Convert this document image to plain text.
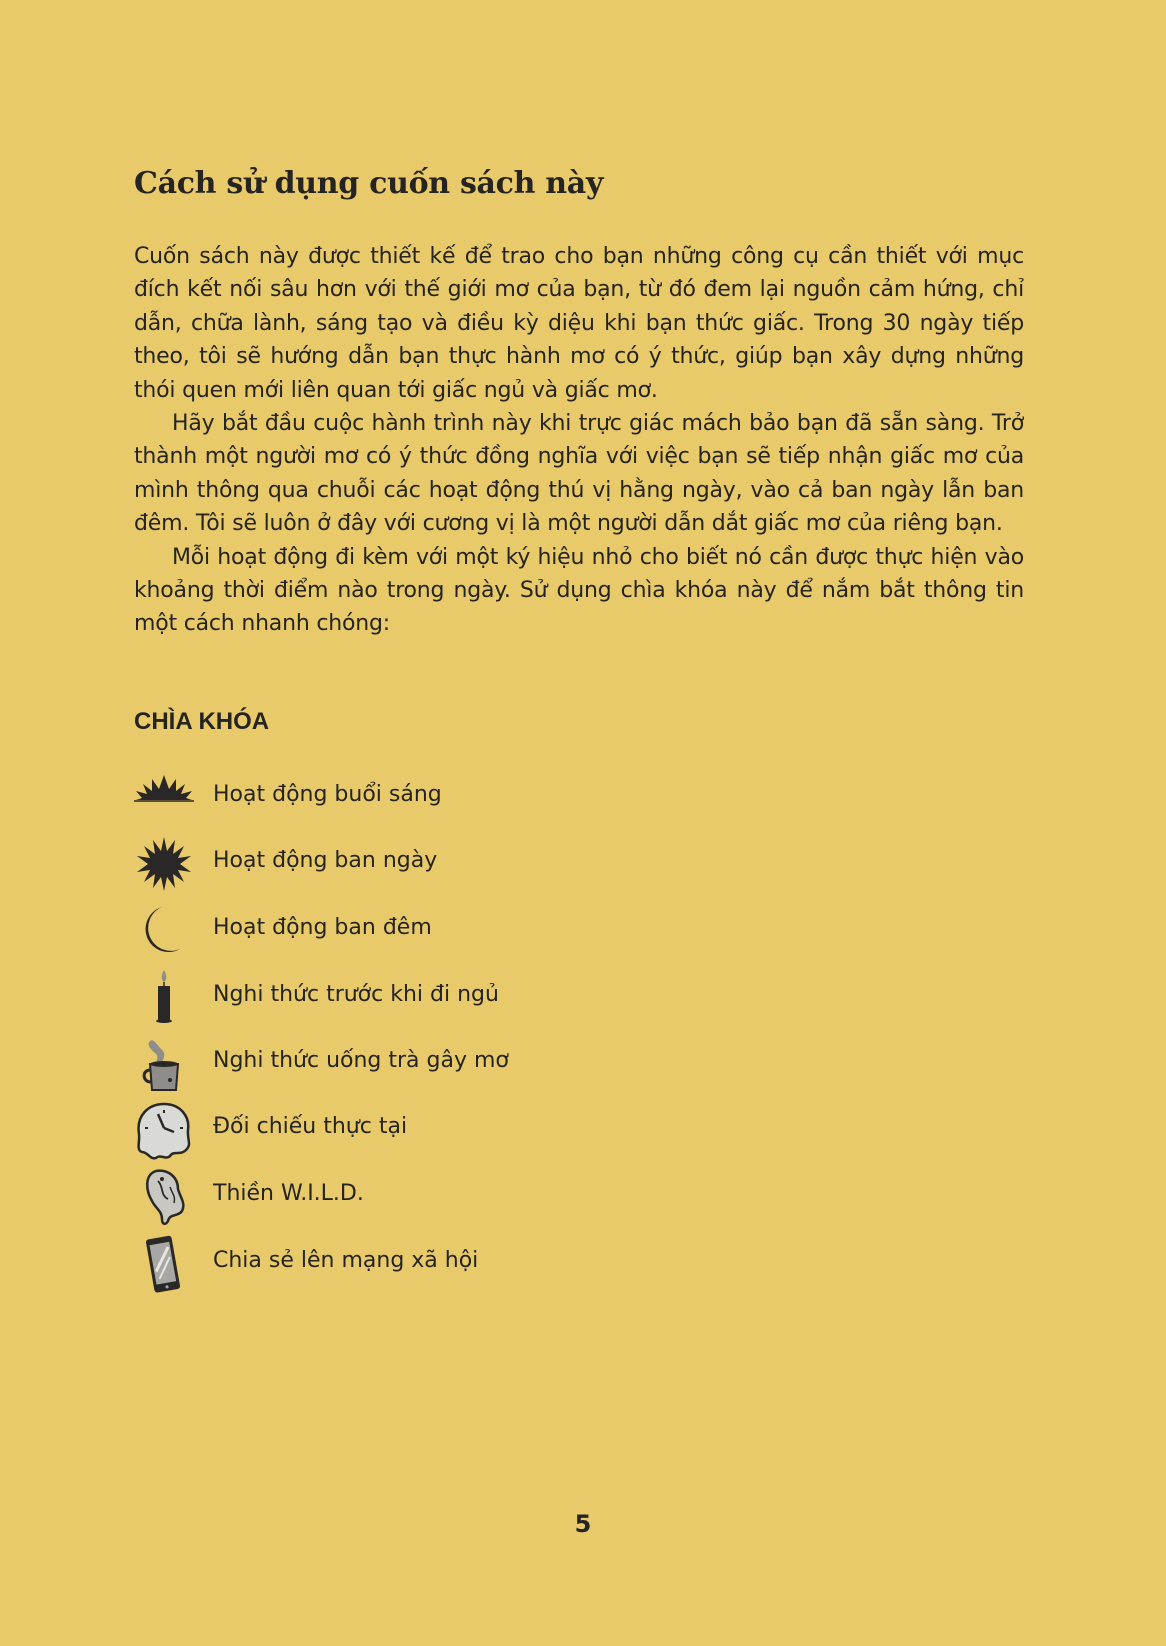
Cách sử dụng cuốn sách này

Cuốn sách này được thiết kế để trao cho bạn những công cụ cần thiết với mục đích kết nối sâu hơn với thế giới mơ của bạn, từ đó đem lại nguồn cảm hứng, chỉ dẫn, chữa lành, sáng tạo và điều kỳ diệu khi bạn thức giấc. Trong 30 ngày tiếp theo, tôi sẽ hướng dẫn bạn thực hành mơ có ý thức, giúp bạn xây dựng những thói quen mới liên quan tới giấc ngủ và giấc mơ.

Hãy bắt đầu cuộc hành trình này khi trực giác mách bảo bạn đã sẵn sàng. Trở thành một người mơ có ý thức đồng nghĩa với việc bạn sẽ tiếp nhận giấc mơ của mình thông qua chuỗi các hoạt động thú vị hằng ngày, vào cả ban ngày lẫn ban đêm. Tôi sẽ luôn ở đây với cương vị là một người dẫn dắt giấc mơ của riêng bạn.

Mỗi hoạt động đi kèm với một ký hiệu nhỏ cho biết nó cần được thực hiện vào khoảng thời điểm nào trong ngày. Sử dụng chìa khóa này để nắm bắt thông tin một cách nhanh chóng:

CHÌA KHÓA
Hoạt động buổi sáng
Hoạt động ban ngày
Hoạt động ban đêm
Nghi thức trước khi đi ngủ
Nghi thức uống trà gây mơ
Đối chiếu thực tại
Thiền W.I.L.D.
Chia sẻ lên mạng xã hội
5
